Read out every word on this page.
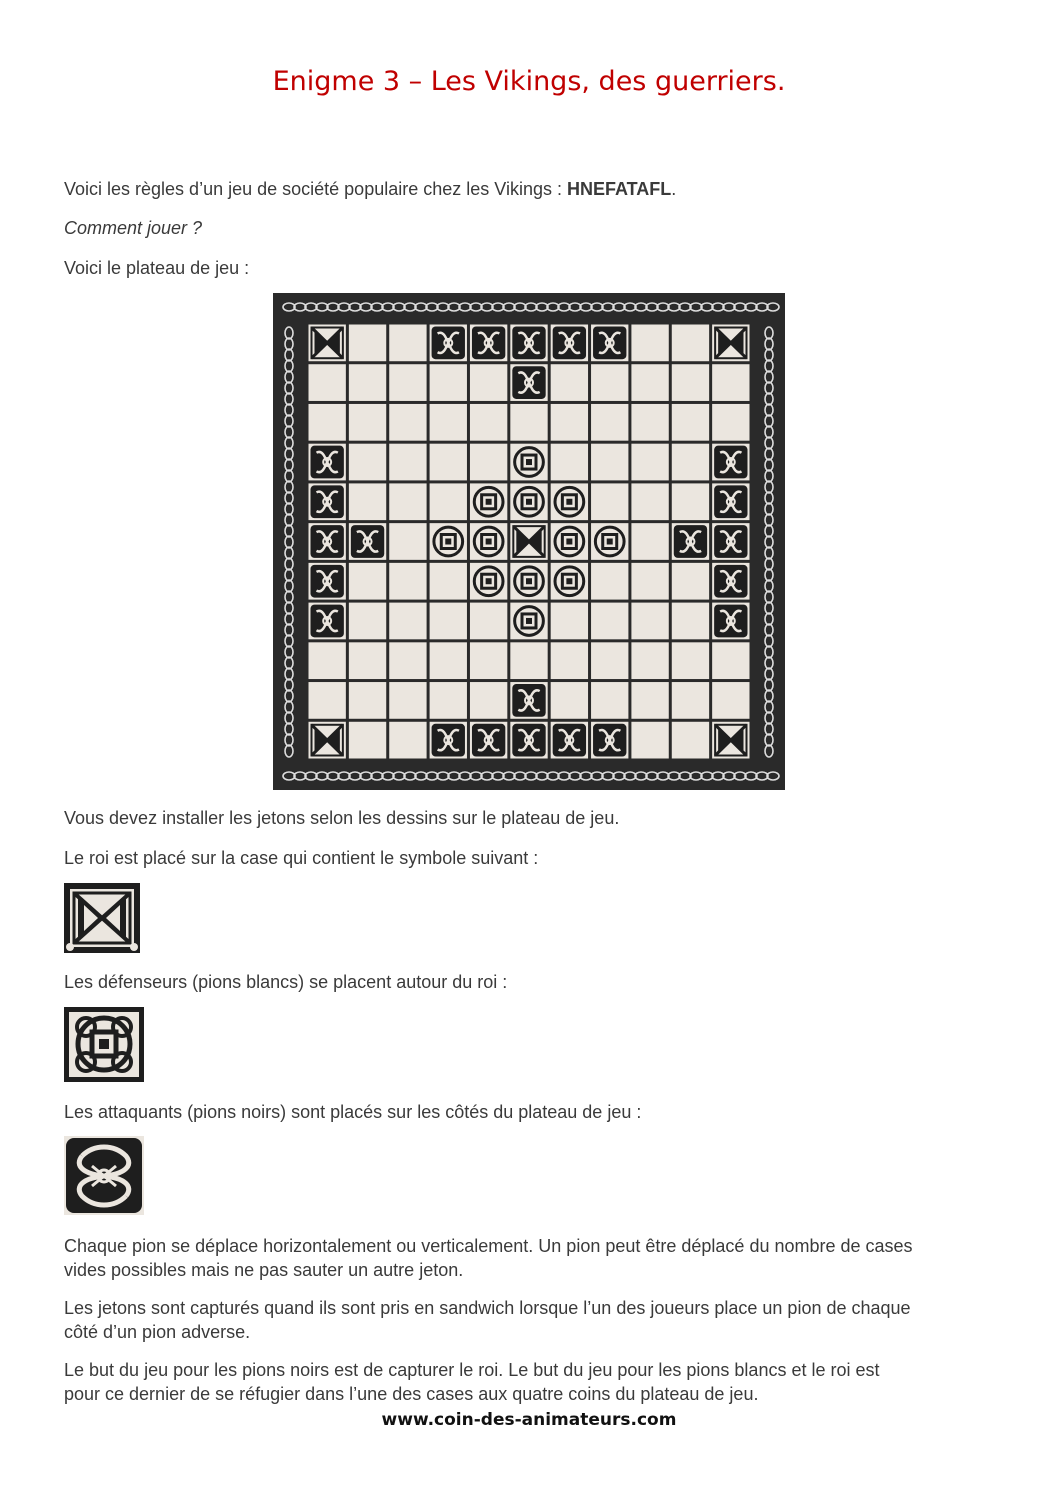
Enigme 3 – Les Vikings, des guerriers.
Voici les règles d’un jeu de société populaire chez les Vikings : HNEFATAFL.
Comment jouer ?
Voici le plateau de jeu :
Vous devez installer les jetons selon les dessins sur le plateau de jeu.
Le roi est placé sur la case qui contient le symbole suivant :
Les défenseurs (pions blancs) se placent autour du roi :
Les attaquants (pions noirs) sont placés sur les côtés du plateau de jeu :
Chaque pion se déplace horizontalement ou verticalement. Un pion peut être déplacé du nombre de cases
vides possibles mais ne pas sauter un autre jeton.
Les jetons sont capturés quand ils sont pris en sandwich lorsque l’un des joueurs place un pion de chaque
côté d’un pion adverse.
Le but du jeu pour les pions noirs est de capturer le roi. Le but du jeu pour les pions blancs et le roi est
pour ce dernier de se réfugier dans l’une des cases aux quatre coins du plateau de jeu.
www.coin-des-animateurs.com
